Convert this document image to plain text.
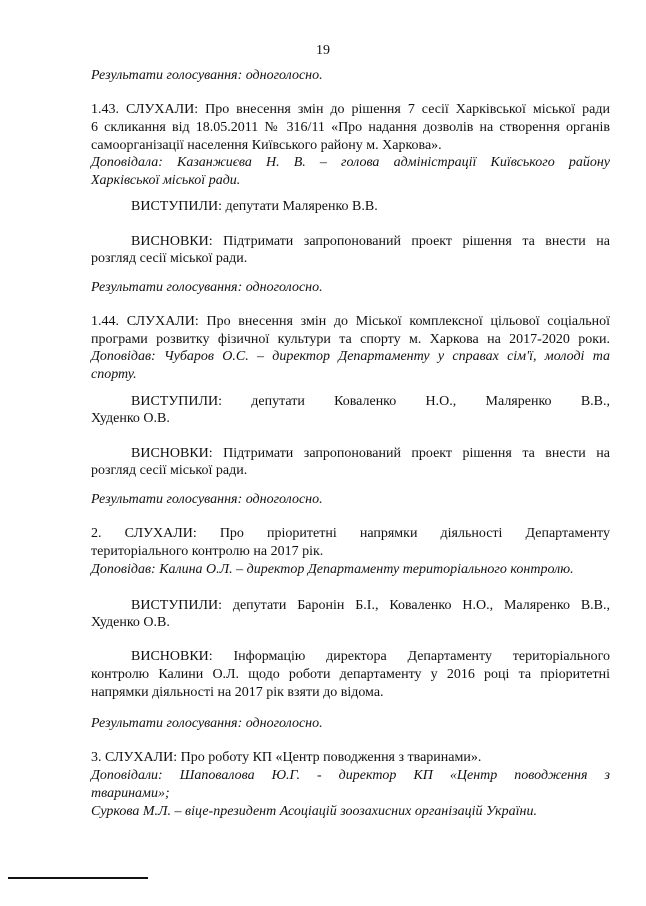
19
Результати голосування: одноголосно.
1.43. СЛУХАЛИ: Про внесення змін до рішення 7 сесії Харківської міської ради
6 скликання від 18.05.2011 № 316/11 «Про надання дозволів на створення органів
самоорганізації населення Київського району м. Харкова».
Доповідала: Казанжиєва Н. В. – голова адміністрації Київського району
Харківської міської ради.
ВИСТУПИЛИ: депутати Маляренко В.В.
ВИСНОВКИ: Підтримати запропонований проект рішення та внести на
розгляд сесії міської ради.
Результати голосування: одноголосно.
1.44. СЛУХАЛИ: Про внесення змін до Міської комплексної цільової соціальної
програми розвитку фізичної культури та спорту м. Харкова на 2017-2020 роки.
Доповідав: Чубаров О.С. – директор Департаменту у справах сім'ї, молоді та
спорту.
ВИСТУПИЛИ: депутати Коваленко Н.О., Маляренко В.В.,
Худенко О.В.
ВИСНОВКИ: Підтримати запропонований проект рішення та внести на
розгляд сесії міської ради.
Результати голосування: одноголосно.
2. СЛУХАЛИ: Про пріоритетні напрямки діяльності Департаменту
територіального контролю на 2017 рік.
Доповідав: Калина О.Л. – директор Департаменту територіального контролю.
ВИСТУПИЛИ: депутати Баронін Б.І., Коваленко Н.О., Маляренко В.В.,
Худенко О.В.
ВИСНОВКИ: Інформацію директора Департаменту територіального
контролю Калини О.Л. щодо роботи департаменту у 2016 році та пріоритетні
напрямки діяльності на 2017 рік взяти до відома.
Результати голосування: одноголосно.
3. СЛУХАЛИ: Про роботу КП «Центр поводження з тваринами».
Доповідали: Шаповалова Ю.Г. - директор КП «Центр поводження з
тваринами»;
Суркова М.Л. – віце-президент Асоціацій зоозахисних організацій України.
